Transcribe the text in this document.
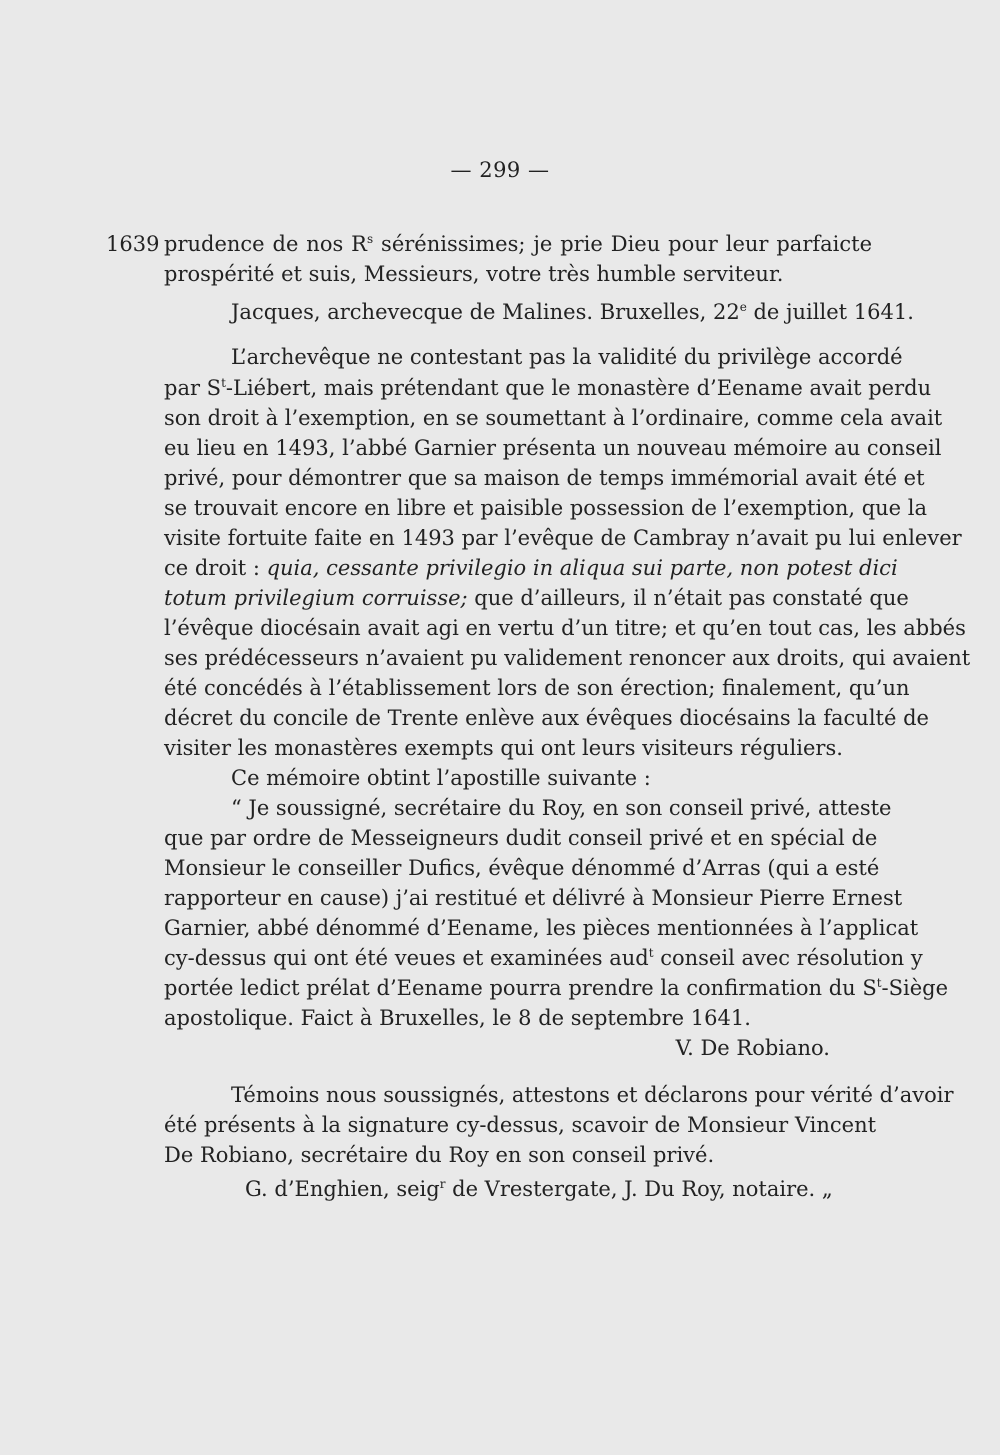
— 299 —
1639 prudence de nos $R^s$ sérénissimes; je prie Dieu pour leur parfaicte
prospérité et suis, Messieurs, votre très humble serviteur.
Jacques, archevecque de Malines. Bruxelles, 22e de juillet 1641.
L’archevêque ne contestant pas la validité du privilège accordé
par $S^t$-Liébert, mais prétendant que le monastère d’Eename avait perdu
son droit à l’exemption, en se soumettant à l’ordinaire, comme cela avait
eu lieu en 1493, l’abbé Garnier présenta un nouveau mémoire au conseil
privé, pour démontrer que sa maison de temps immémorial avait été et
se trouvait encore en libre et paisible possession de l’exemption, que la
visite fortuite faite en 1493 par l’evêque de Cambray n’avait pu lui enlever
ce droit : quia, cessante privilegio in aliqua sui parte, non potest dici
totum privilegium corruisse; que d’ailleurs, il n’était pas constaté que
l’évêque diocésain avait agi en vertu d’un titre; et qu’en tout cas, les abbés
ses prédécesseurs n’avaient pu validement renoncer aux droits, qui avaient
été concédés à l’établissement lors de son érection; finalement, qu’un
décret du concile de Trente enlève aux évêques diocésains la faculté de
visiter les monastères exempts qui ont leurs visiteurs réguliers.
Ce mémoire obtint l’apostille suivante :
“ Je soussigné, secrétaire du Roy, en son conseil privé, atteste
que par ordre de Messeigneurs dudit conseil privé et en spécial de
Monsieur le conseiller Dufics, évêque dénommé d’Arras (qui a esté
rapporteur en cause) j’ai restitué et délivré à Monsieur Pierre Ernest
Garnier, abbé dénommé d’Eename, les pièces mentionnées à l’applicat
cy-dessus qui ont été veues et examinées aud$^t$ conseil avec résolution y
portée ledict prélat d’Eename pourra prendre la confirmation du $S^t$-Siège
apostolique. Faict à Bruxelles, le 8 de septembre 1641.
V. De Robiano.
Témoins nous soussignés, attestons et déclarons pour vérité d’avoir
été présents à la signature cy-dessus, scavoir de Monsieur Vincent
De Robiano, secrétaire du Roy en son conseil privé.
G. d’Enghien, seig$^r$ de Vrestergate, J. Du Roy, notaire. „
